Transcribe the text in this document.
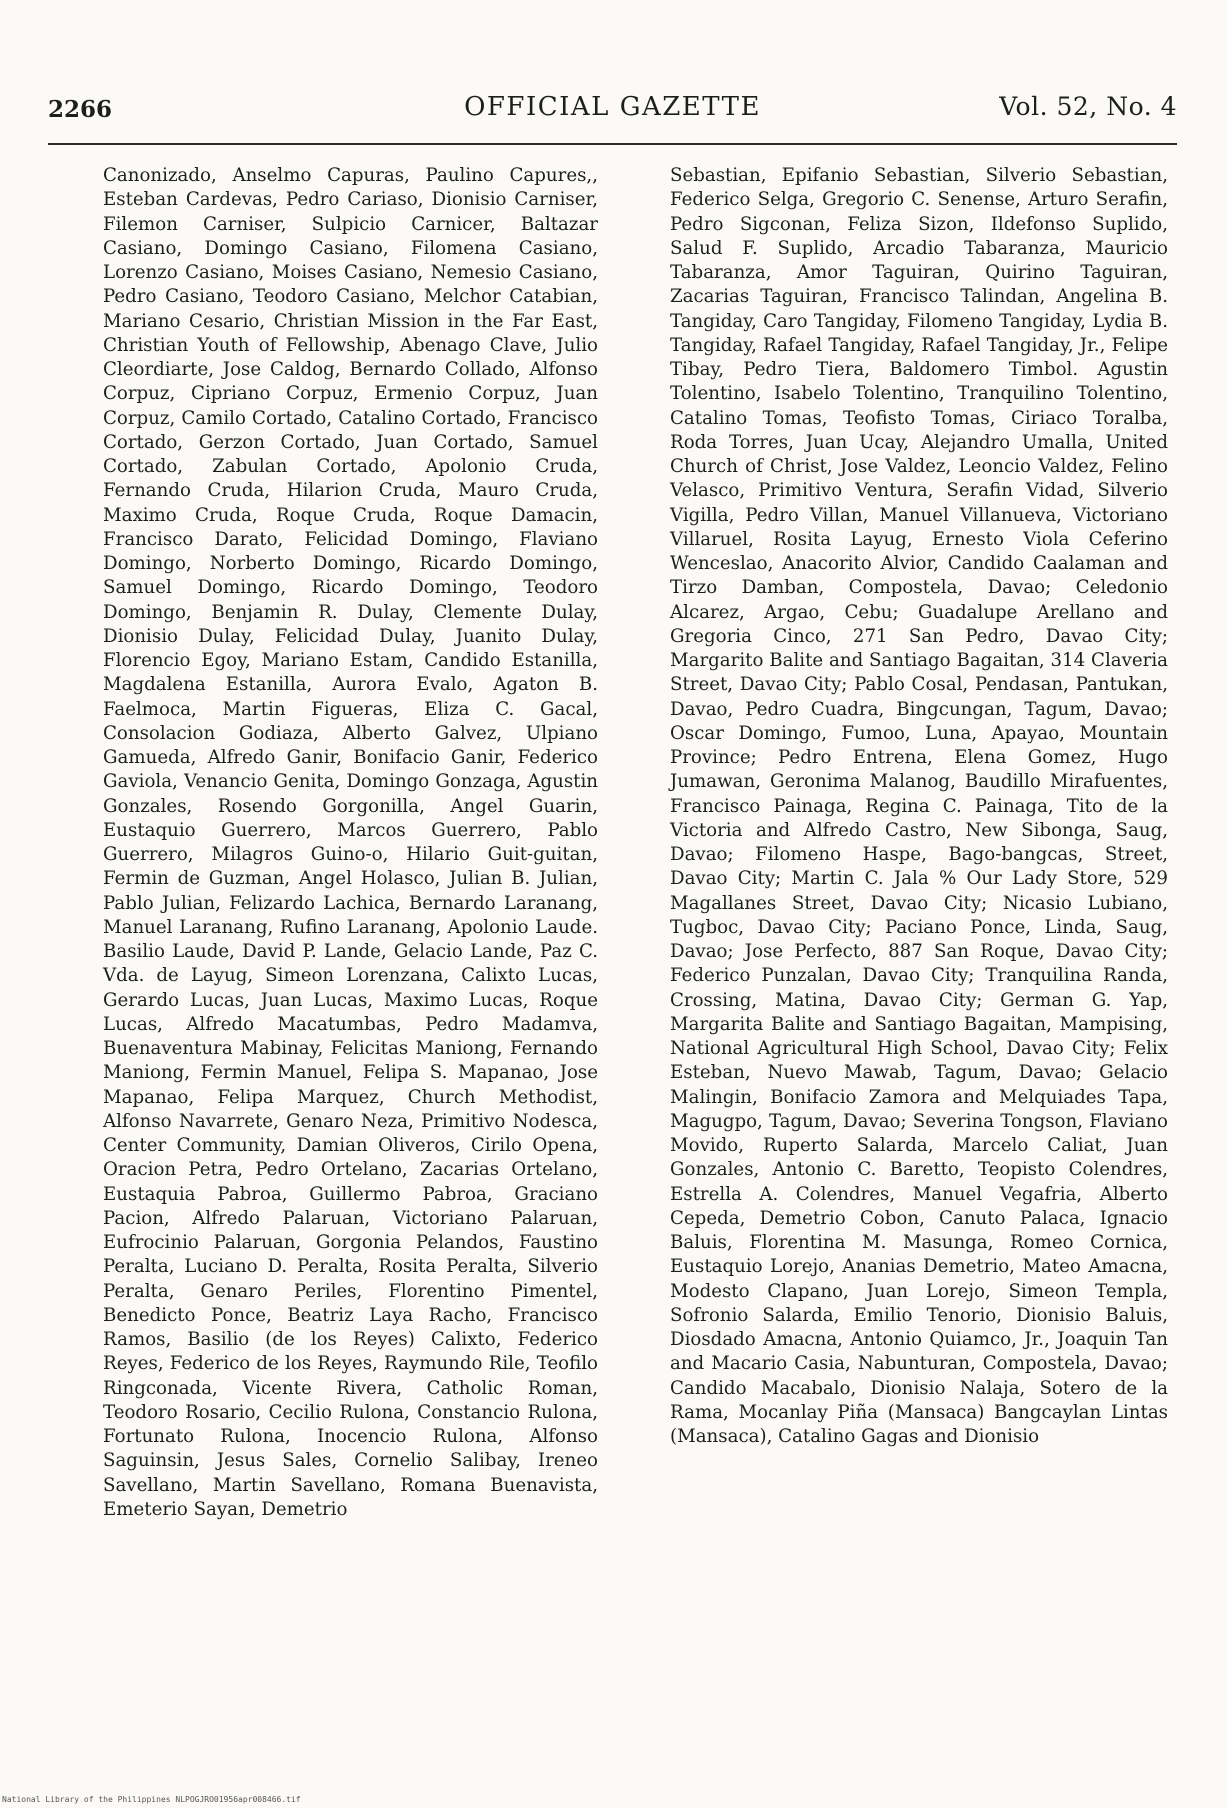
2266	OFFICIAL GAZETTE	Vol. 52, No. 4
Canonizado, Anselmo Capuras, Paulino Capures,, Esteban Cardevas, Pedro Cariaso, Dionisio Carniser, Filemon Carniser, Sulpicio Carnicer, Baltazar Casiano, Domingo Casiano, Filomena Casiano, Lorenzo Casiano, Moises Casiano, Nemesio Casiano, Pedro Casiano, Teodoro Casiano, Melchor Catabian, Mariano Cesario, Christian Mission in the Far East, Christian Youth of Fellowship, Abenago Clave, Julio Cleordiarte, Jose Caldog, Bernardo Collado, Alfonso Corpuz, Cipriano Corpuz, Ermenio Corpuz, Juan Corpuz, Camilo Cortado, Catalino Cortado, Francisco Cortado, Gerzon Cortado, Juan Cortado, Samuel Cortado, Zabulan Cortado, Apolonio Cruda, Fernando Cruda, Hilarion Cruda, Mauro Cruda, Maximo Cruda, Roque Cruda, Roque Damacin, Francisco Darato, Felicidad Domingo, Flaviano Domingo, Norberto Domingo, Ricardo Domingo, Samuel Domingo, Ricardo Domingo, Teodoro Domingo, Benjamin R. Dulay, Clemente Dulay, Dionisio Dulay, Felicidad Dulay, Juanito Dulay, Florencio Egoy, Mariano Estam, Candido Estanilla, Magdalena Estanilla, Aurora Evalo, Agaton B. Faelmoca, Martin Figueras, Eliza C. Gacal, Consolacion Godiaza, Alberto Galvez, Ulpiano Gamueda, Alfredo Ganir, Bonifacio Ganir, Federico Gaviola, Venancio Genita, Domingo Gonzaga, Agustin Gonzales, Rosendo Gorgonilla, Angel Guarin, Eustaquio Guerrero, Marcos Guerrero, Pablo Guerrero, Milagros Guino-o, Hilario Guit-guitan, Fermin de Guzman, Angel Holasco, Julian B. Julian, Pablo Julian, Felizardo Lachica, Bernardo Laranang, Manuel Laranang, Rufino Laranang, Apolonio Laude. Basilio Laude, David P. Lande, Gelacio Lande, Paz C. Vda. de Layug, Simeon Lorenzana, Calixto Lucas, Gerardo Lucas, Juan Lucas, Maximo Lucas, Roque Lucas, Alfredo Macatumbas, Pedro Madamva, Buenaventura Mabinay, Felicitas Maniong, Fernando Maniong, Fermin Manuel, Felipa S. Mapanao, Jose Mapanao, Felipa Marquez, Church Methodist, Alfonso Navarrete, Genaro Neza, Primitivo Nodesca, Center Community, Damian Oliveros, Cirilo Opena, Oracion Petra, Pedro Ortelano, Zacarias Ortelano, Eustaquia Pabroa, Guillermo Pabroa, Graciano Pacion, Alfredo Palaruan, Victoriano Palaruan, Eufrocinio Palaruan, Gorgonia Pelandos, Faustino Peralta, Luciano D. Peralta, Rosita Peralta, Silverio Peralta, Genaro Periles, Florentino Pimentel, Benedicto Ponce, Beatriz Laya Racho, Francisco Ramos, Basilio (de los Reyes) Calixto, Federico Reyes, Federico de los Reyes, Raymundo Rile, Teofilo Ringconada, Vicente Rivera, Catholic Roman, Teodoro Rosario, Cecilio Rulona, Constancio Rulona, Fortunato Rulona, Inocencio Rulona, Alfonso Saguinsin, Jesus Sales, Cornelio Salibay, Ireneo Savellano, Martin Savellano, Romana Buenavista, Emeterio Sayan, Demetrio
Sebastian, Epifanio Sebastian, Silverio Sebastian, Federico Selga, Gregorio C. Senense, Arturo Serafin, Pedro Sigconan, Feliza Sizon, Ildefonso Suplido, Salud F. Suplido, Arcadio Tabaranza, Mauricio Tabaranza, Amor Taguiran, Quirino Taguiran, Zacarias Taguiran, Francisco Talindan, Angelina B. Tangiday, Caro Tangiday, Filomeno Tangiday, Lydia B. Tangiday, Rafael Tangiday, Rafael Tangiday, Jr., Felipe Tibay, Pedro Tiera, Baldomero Timbol. Agustin Tolentino, Isabelo Tolentino, Tranquilino Tolentino, Catalino Tomas, Teofisto Tomas, Ciriaco Toralba, Roda Torres, Juan Ucay, Alejandro Umalla, United Church of Christ, Jose Valdez, Leoncio Valdez, Felino Velasco, Primitivo Ventura, Serafin Vidad, Silverio Vigilla, Pedro Villan, Manuel Villanueva, Victoriano Villaruel, Rosita Layug, Ernesto Viola Ceferino Wenceslao, Anacorito Alvior, Candido Caalaman and Tirzo Damban, Compostela, Davao; Celedonio Alcarez, Argao, Cebu; Guadalupe Arellano and Gregoria Cinco, 271 San Pedro, Davao City; Margarito Balite and Santiago Bagaitan, 314 Claveria Street, Davao City; Pablo Cosal, Pendasan, Pantukan, Davao, Pedro Cuadra, Bingcungan, Tagum, Davao; Oscar Domingo, Fumoo, Luna, Apayao, Mountain Province; Pedro Entrena, Elena Gomez, Hugo Jumawan, Geronima Malanog, Baudillo Mirafuentes, Francisco Painaga, Regina C. Painaga, Tito de la Victoria and Alfredo Castro, New Sibonga, Saug, Davao; Filomeno Haspe, Bago-bangcas, Street, Davao City; Martin C. Jala % Our Lady Store, 529 Magallanes Street, Davao City; Nicasio Lubiano, Tugboc, Davao City; Paciano Ponce, Linda, Saug, Davao; Jose Perfecto, 887 San Roque, Davao City; Federico Punzalan, Davao City; Tranquilina Randa, Crossing, Matina, Davao City; German G. Yap, Margarita Balite and Santiago Bagaitan, Mampising, National Agricultural High School, Davao City; Felix Esteban, Nuevo Mawab, Tagum, Davao; Gelacio Malingin, Bonifacio Zamora and Melquiades Tapa, Magugpo, Tagum, Davao; Severina Tongson, Flaviano Movido, Ruperto Salarda, Marcelo Caliat, Juan Gonzales, Antonio C. Baretto, Teopisto Colendres, Estrella A. Colendres, Manuel Vegafria, Alberto Cepeda, Demetrio Cobon, Canuto Palaca, Ignacio Baluis, Florentina M. Masunga, Romeo Cornica, Eustaquio Lorejo, Ananias Demetrio, Mateo Amacna, Modesto Clapano, Juan Lorejo, Simeon Templa, Sofronio Salarda, Emilio Tenorio, Dionisio Baluis, Diosdado Amacna, Antonio Quiamco, Jr., Joaquin Tan and Macario Casia, Nabunturan, Compostela, Davao; Candido Macabalo, Dionisio Nalaja, Sotero de la Rama, Mocanlay Piña (Mansaca) Bangcaylan Lintas (Mansaca), Catalino Gagas and Dionisio
National Library of the Philippines NLPOGJRO01956apr008466.tif
